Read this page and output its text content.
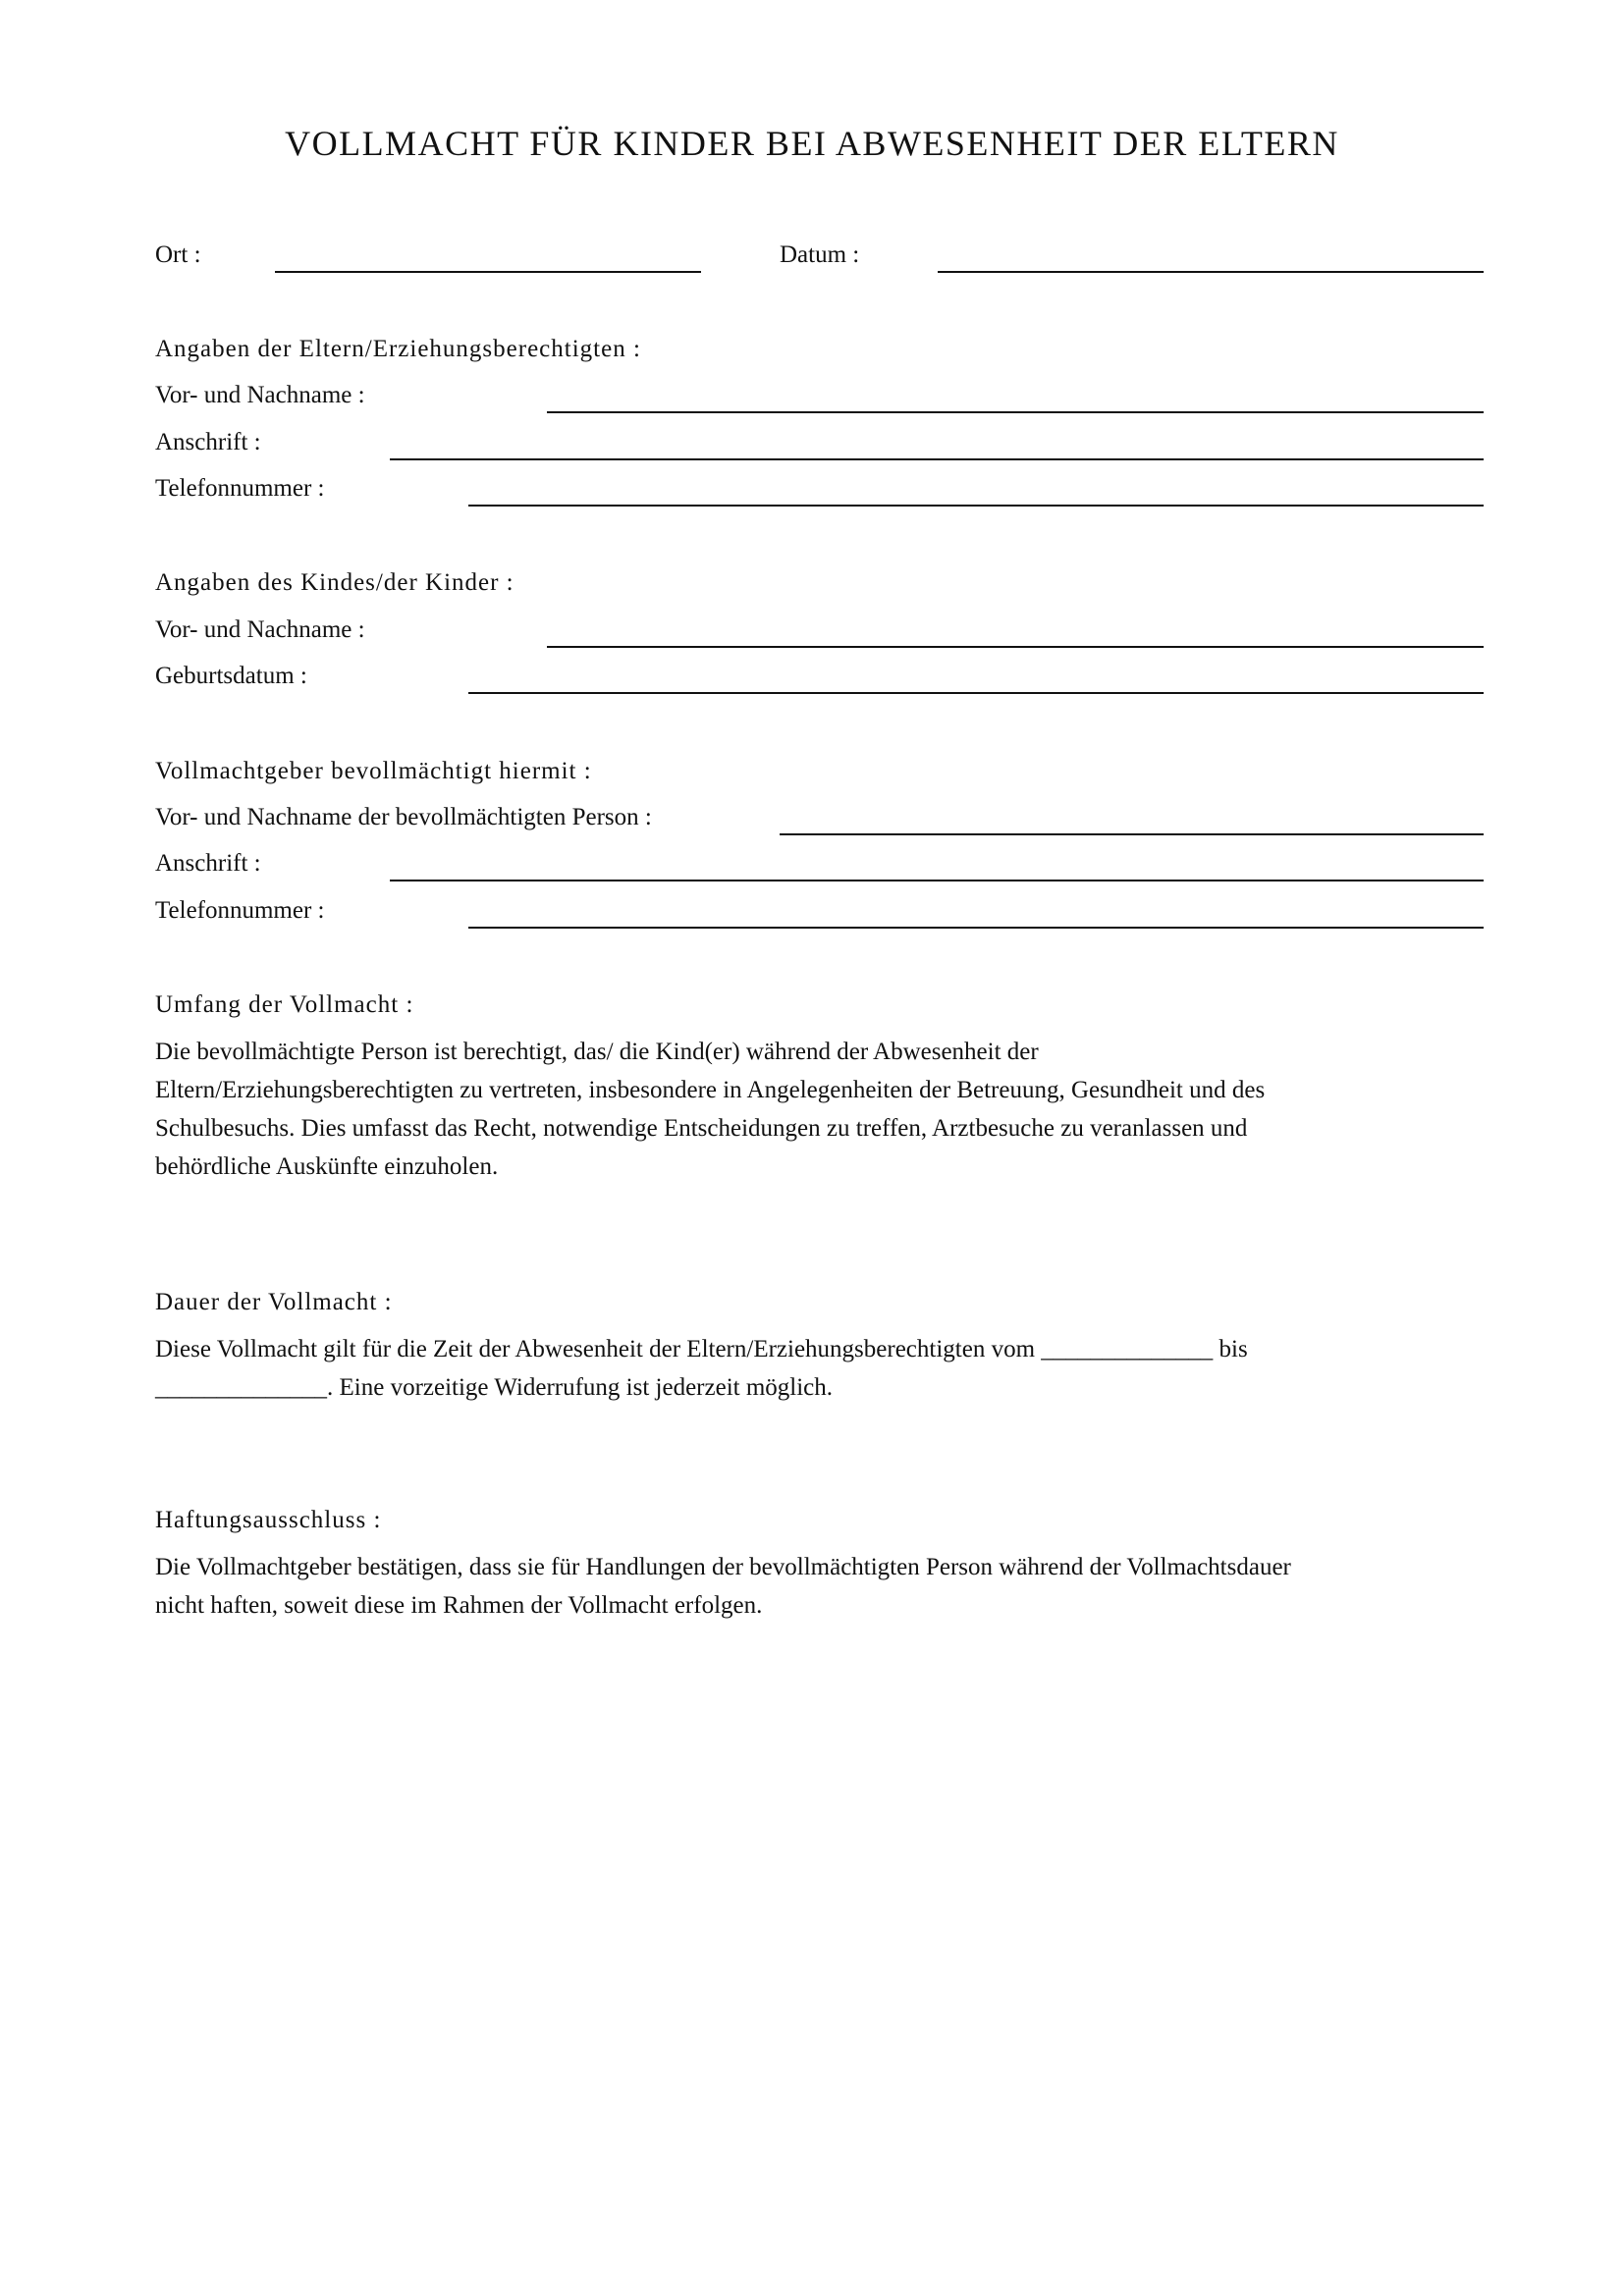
VOLLMACHT FÜR KINDER BEI ABWESENHEIT DER ELTERN
Ort :	Datum :
Angaben der Eltern/Erziehungsberechtigten :
Vor- und Nachname :
Anschrift :
Telefonnummer :
Angaben des Kindes/der Kinder :
Vor- und Nachname :
Geburtsdatum :
Vollmachtgeber bevollmächtigt hiermit :
Vor- und Nachname der bevollmächtigten Person :
Anschrift :
Telefonnummer :
Umfang der Vollmacht :
Die bevollmächtigte Person ist berechtigt, das/ die Kind(er) während der Abwesenheit der
Eltern/Erziehungsberechtigten zu vertreten, insbesondere in Angelegenheiten der Betreuung, Gesundheit und des
Schulbesuchs. Dies umfasst das Recht, notwendige Entscheidungen zu treffen, Arztbesuche zu veranlassen und
behördliche Auskünfte einzuholen.
Dauer der Vollmacht :
Diese Vollmacht gilt für die Zeit der Abwesenheit der Eltern/Erziehungsberechtigten vom ______________ bis
______________. Eine vorzeitige Widerrufung ist jederzeit möglich.
Haftungsausschluss :
Die Vollmachtgeber bestätigen, dass sie für Handlungen der bevollmächtigten Person während der Vollmachtsdauer
nicht haften, soweit diese im Rahmen der Vollmacht erfolgen.
